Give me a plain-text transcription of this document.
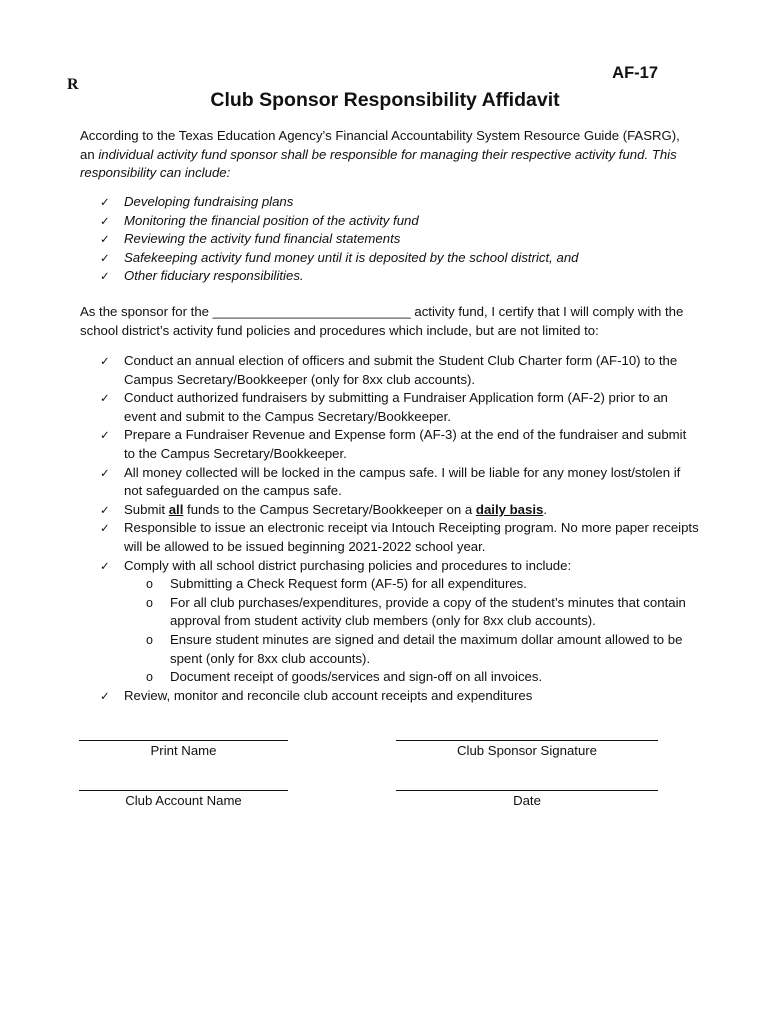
R
AF-17
Club Sponsor Responsibility Affidavit
According to the Texas Education Agency’s Financial Accountability System Resource Guide (FASRG), an individual activity fund sponsor shall be responsible for managing their respective activity fund. This responsibility can include:
✓ Developing fundraising plans
✓ Monitoring the financial position of the activity fund
✓ Reviewing the activity fund financial statements
✓ Safekeeping activity fund money until it is deposited by the school district, and
✓ Other fiduciary responsibilities.
As the sponsor for the ___________________________ activity fund, I certify that I will comply with the school district’s activity fund policies and procedures which include, but are not limited to:
✓ Conduct an annual election of officers and submit the Student Club Charter form (AF-10) to the Campus Secretary/Bookkeeper (only for 8xx club accounts).
✓ Conduct authorized fundraisers by submitting a Fundraiser Application form (AF-2) prior to an event and submit to the Campus Secretary/Bookkeeper.
✓ Prepare a Fundraiser Revenue and Expense form (AF-3) at the end of the fundraiser and submit to the Campus Secretary/Bookkeeper.
✓ All money collected will be locked in the campus safe. I will be liable for any money lost/stolen if not safeguarded on the campus safe.
✓ Submit all funds to the Campus Secretary/Bookkeeper on a daily basis.
✓ Responsible to issue an electronic receipt via Intouch Receipting program. No more paper receipts will be allowed to be issued beginning 2021-2022 school year.
✓ Comply with all school district purchasing policies and procedures to include:
o Submitting a Check Request form (AF-5) for all expenditures.
o For all club purchases/expenditures, provide a copy of the student’s minutes that contain approval from student activity club members (only for 8xx club accounts).
o Ensure student minutes are signed and detail the maximum dollar amount allowed to be spent (only for 8xx club accounts).
o Document receipt of goods/services and sign-off on all invoices.
✓ Review, monitor and reconcile club account receipts and expenditures
Print Name	Club Sponsor Signature
Club Account Name	Date
